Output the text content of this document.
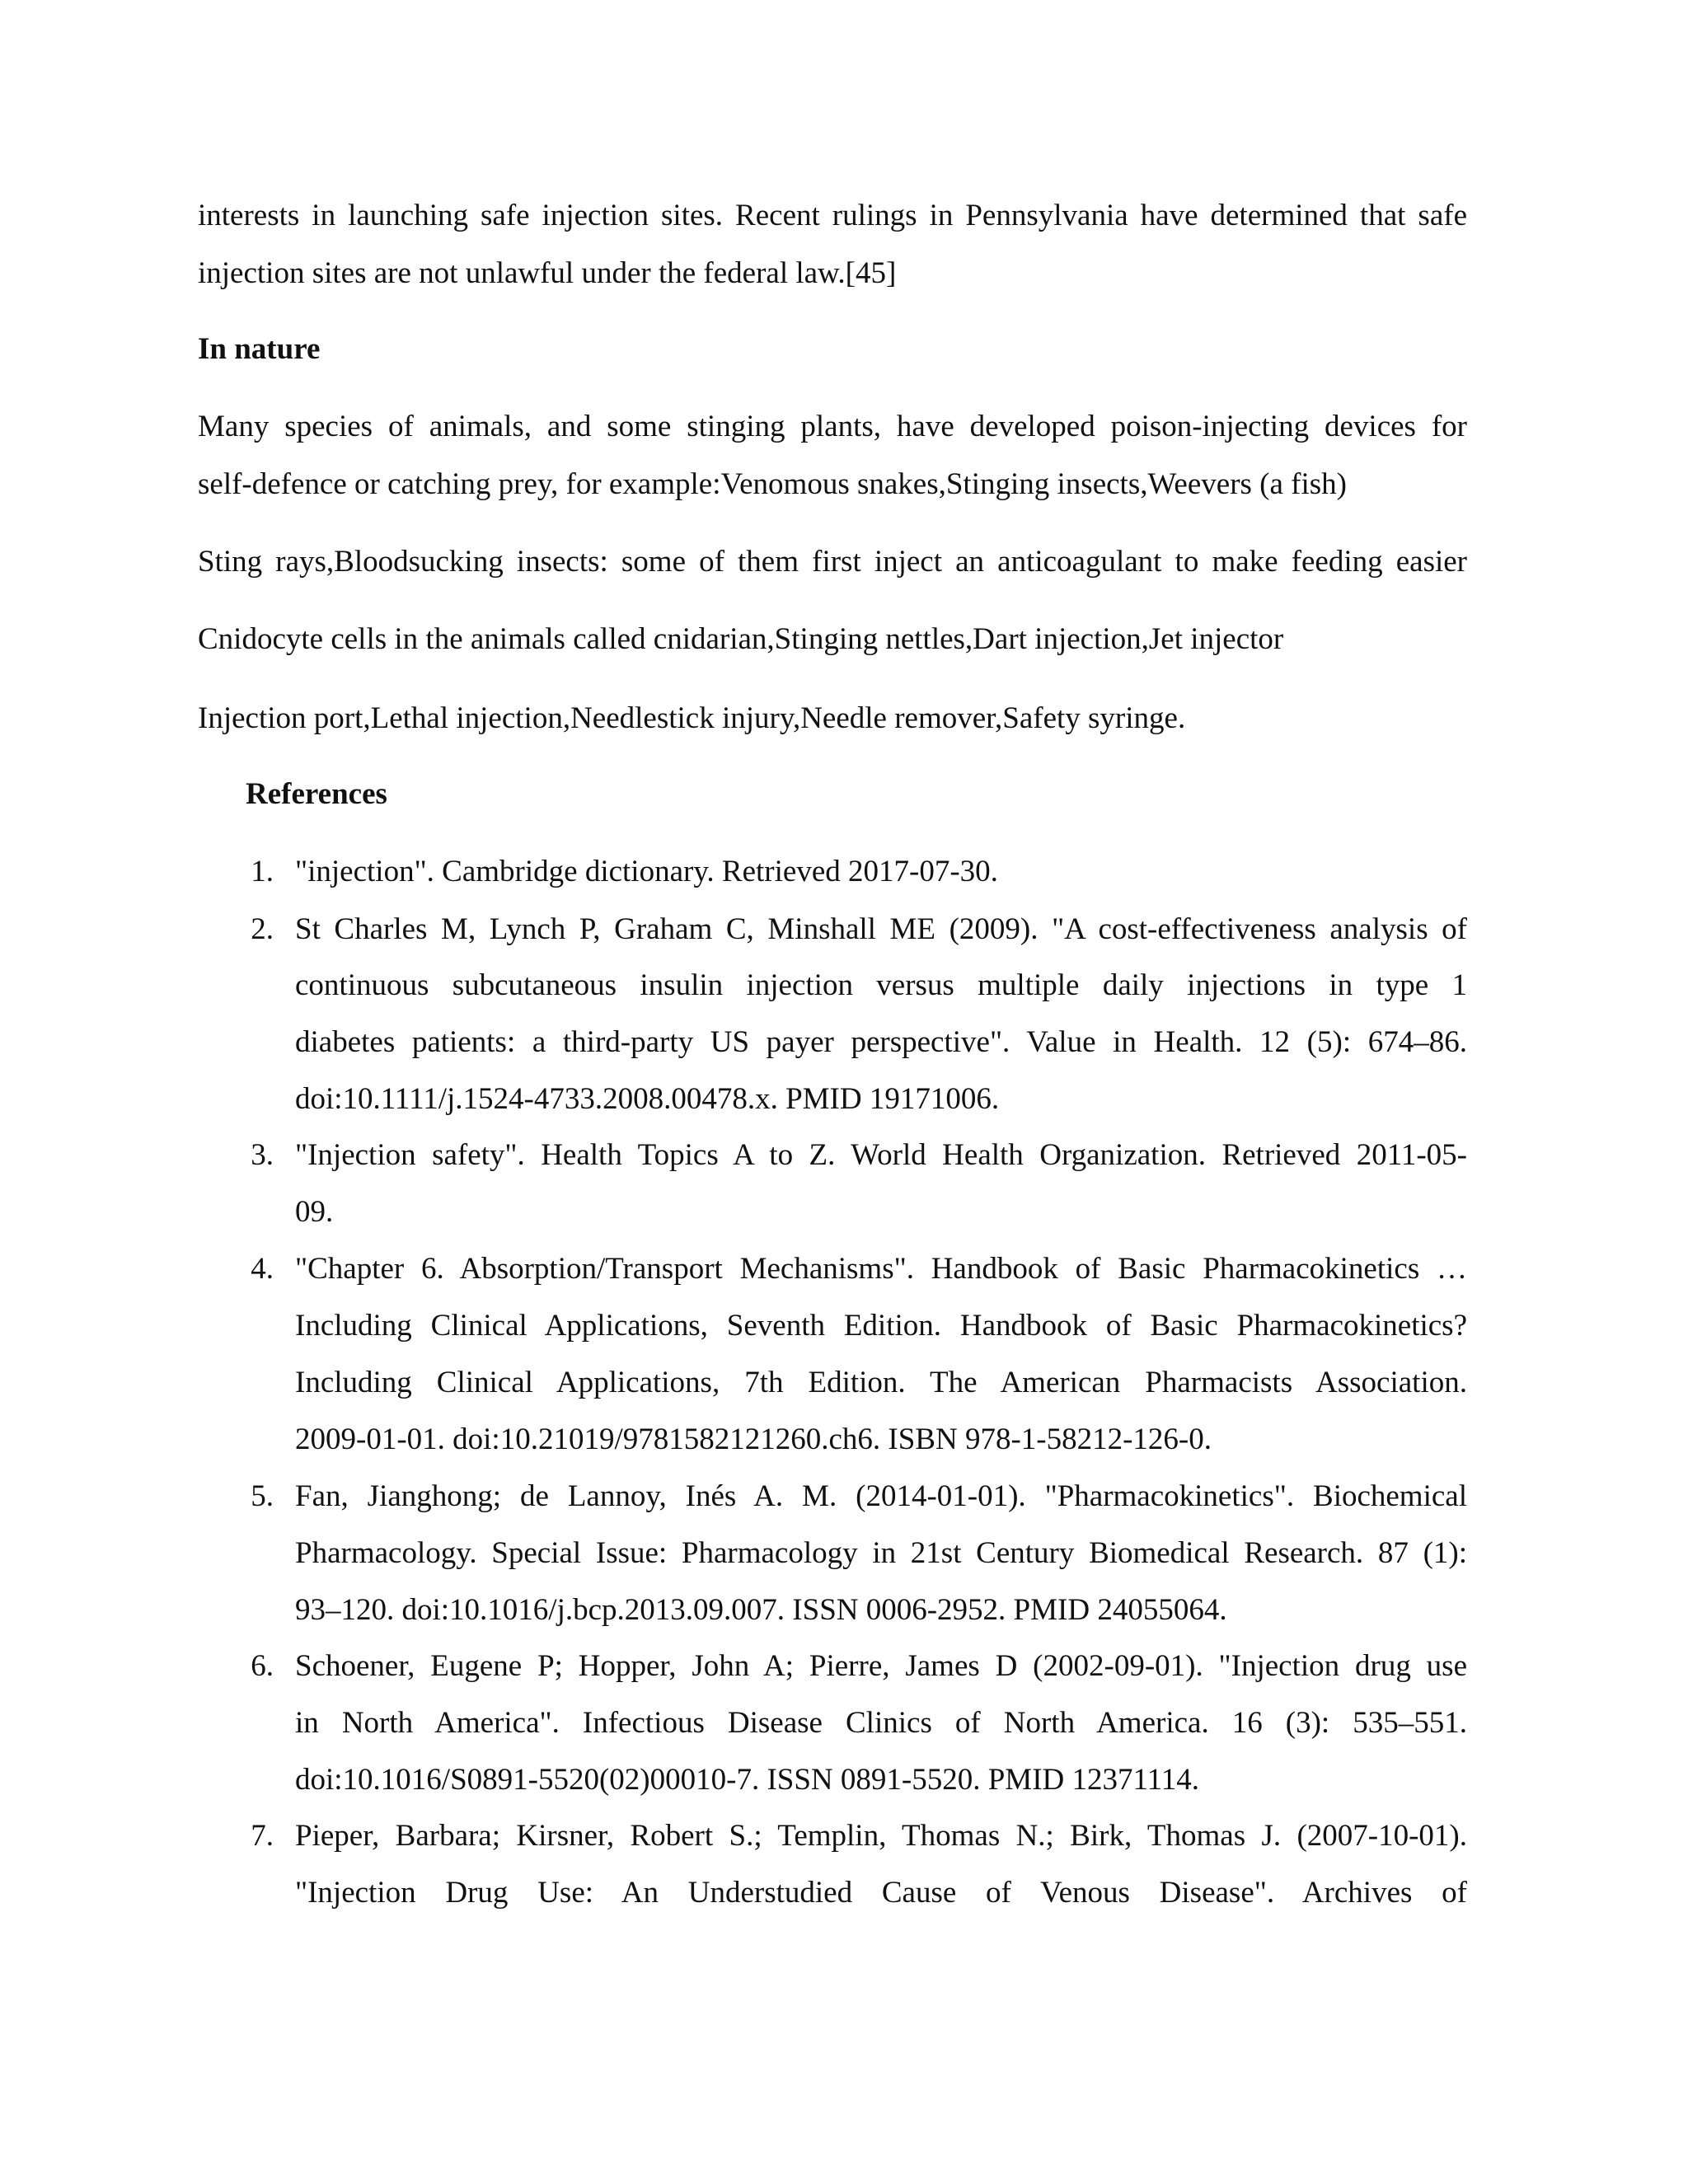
interests in launching safe injection sites. Recent rulings in Pennsylvania have determined that safe
injection sites are not unlawful under the federal law.[45]
In nature
Many species of animals, and some stinging plants, have developed poison-injecting devices for
self-defence or catching prey, for example:Venomous snakes,Stinging insects,Weevers (a fish)
Sting rays,Bloodsucking insects: some of them first inject an anticoagulant to make feeding easier
Cnidocyte cells in the animals called cnidarian,Stinging nettles,Dart injection,Jet injector
Injection port,Lethal injection,Needlestick injury,Needle remover,Safety syringe.
References
1. "injection". Cambridge dictionary. Retrieved 2017-07-30.
2. St Charles M, Lynch P, Graham C, Minshall ME (2009). "A cost-effectiveness analysis of
continuous subcutaneous insulin injection versus multiple daily injections in type 1
diabetes patients: a third-party US payer perspective". Value in Health. 12 (5): 674–86.
doi:10.1111/j.1524-4733.2008.00478.x. PMID 19171006.
3. "Injection safety". Health Topics A to Z. World Health Organization. Retrieved 2011-05-
09.
4. "Chapter 6. Absorption/Transport Mechanisms". Handbook of Basic Pharmacokinetics …
Including Clinical Applications, Seventh Edition. Handbook of Basic Pharmacokinetics?
Including Clinical Applications, 7th Edition. The American Pharmacists Association.
2009-01-01. doi:10.21019/9781582121260.ch6. ISBN 978-1-58212-126-0.
5. Fan, Jianghong; de Lannoy, Inés A. M. (2014-01-01). "Pharmacokinetics". Biochemical
Pharmacology. Special Issue: Pharmacology in 21st Century Biomedical Research. 87 (1):
93–120. doi:10.1016/j.bcp.2013.09.007. ISSN 0006-2952. PMID 24055064.
6. Schoener, Eugene P; Hopper, John A; Pierre, James D (2002-09-01). "Injection drug use
in North America". Infectious Disease Clinics of North America. 16 (3): 535–551.
doi:10.1016/S0891-5520(02)00010-7. ISSN 0891-5520. PMID 12371114.
7. Pieper, Barbara; Kirsner, Robert S.; Templin, Thomas N.; Birk, Thomas J. (2007-10-01).
"Injection Drug Use: An Understudied Cause of Venous Disease". Archives of
